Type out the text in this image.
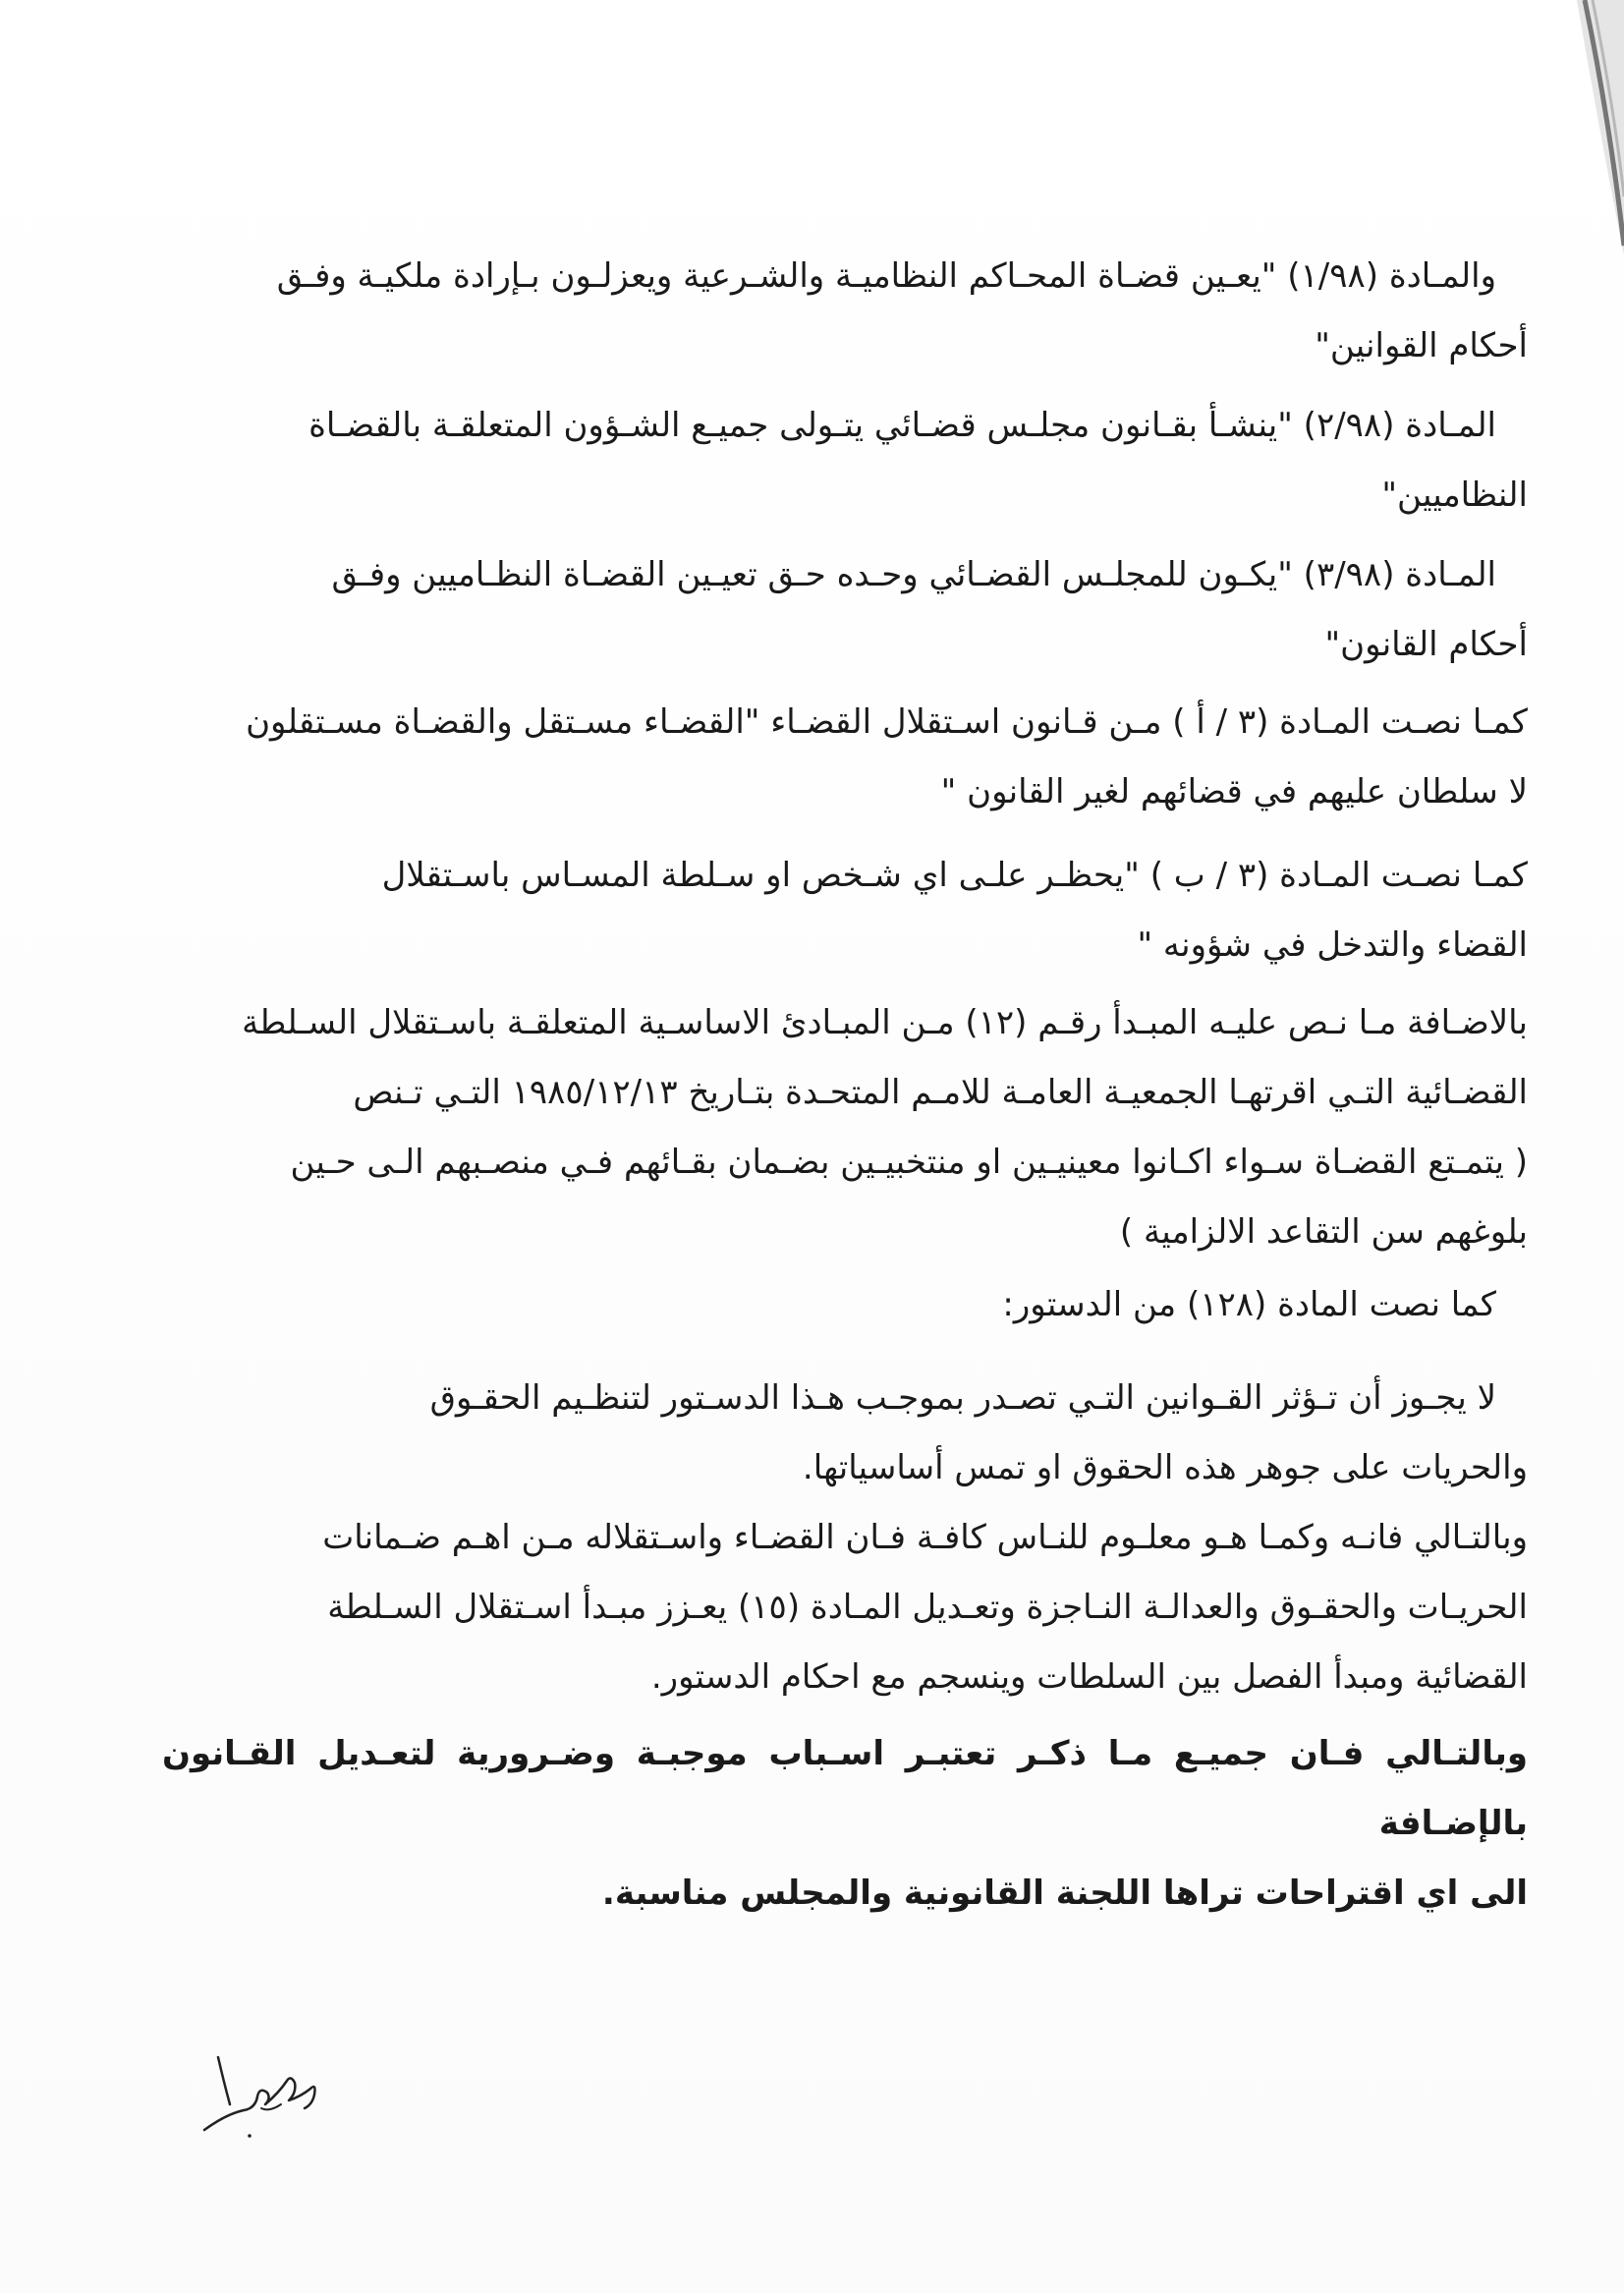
والمـادة (١/٩٨) "يعـين قضـاة المحـاكم النظاميـة والشـرعية ويعزلـون بـإرادة ملكيـة وفـق

أحكام القوانين"

المـادة (٢/٩٨) "ينشـأ بقـانون مجلـس قضـائي يتـولى جميـع الشـؤون المتعلقـة بالقضـاة

النظاميين"

المـادة (٣/٩٨) "يكـون للمجلـس القضـائي وحـده حـق تعيـين القضـاة النظـاميين وفـق

أحكام القانون"

كمـا نصـت المـادة (٣ / أ ) مـن قـانون اسـتقلال القضـاء "القضـاء مسـتقل والقضـاة مسـتقلون

لا سلطان عليهم في قضائهم لغير القانون "

كمـا نصـت المـادة (٣ / ب ) "يحظـر علـى اي شـخص او سـلطة المسـاس باسـتقلال

القضاء والتدخل في شؤونه "

بالاضـافة مـا نـص عليـه المبـدأ رقـم (١٢) مـن المبـادئ الاساسـية المتعلقـة باسـتقلال السـلطة

القضـائية التـي اقرتهـا الجمعيـة العامـة للامـم المتحـدة بتـاريخ ١٩٨٥/١٢/١٣ التـي تـنص

( يتمـتع القضـاة سـواء اكـانوا معينيـين او منتخبيـين بضـمان بقـائهم فـي منصـبهم الـى حـين

بلوغهم سن التقاعد الالزامية )

كما نصت المادة (١٢٨) من الدستور:

لا يجـوز أن تـؤثر القـوانين التـي تصـدر بموجـب هـذا الدسـتور لتنظـيم الحقـوق

والحريات على جوهر هذه الحقوق او تمس أساسياتها.

وبالتـالي فانـه وكمـا هـو معلـوم للنـاس كافـة فـان القضـاء واسـتقلاله مـن اهـم ضـمانات

الحريـات والحقـوق والعدالـة النـاجزة وتعـديل المـادة (١٥) يعـزز مبـدأ اسـتقلال السـلطة

القضائية ومبدأ الفصل بين السلطات وينسجم مع احكام الدستور.

وبالتـالي فـان جميـع مـا ذكـر تعتبـر اسـباب موجبـة وضـرورية لتعـديل القـانون بالإضـافة

الى اي اقتراحات تراها اللجنة القانونية والمجلس مناسبة.
